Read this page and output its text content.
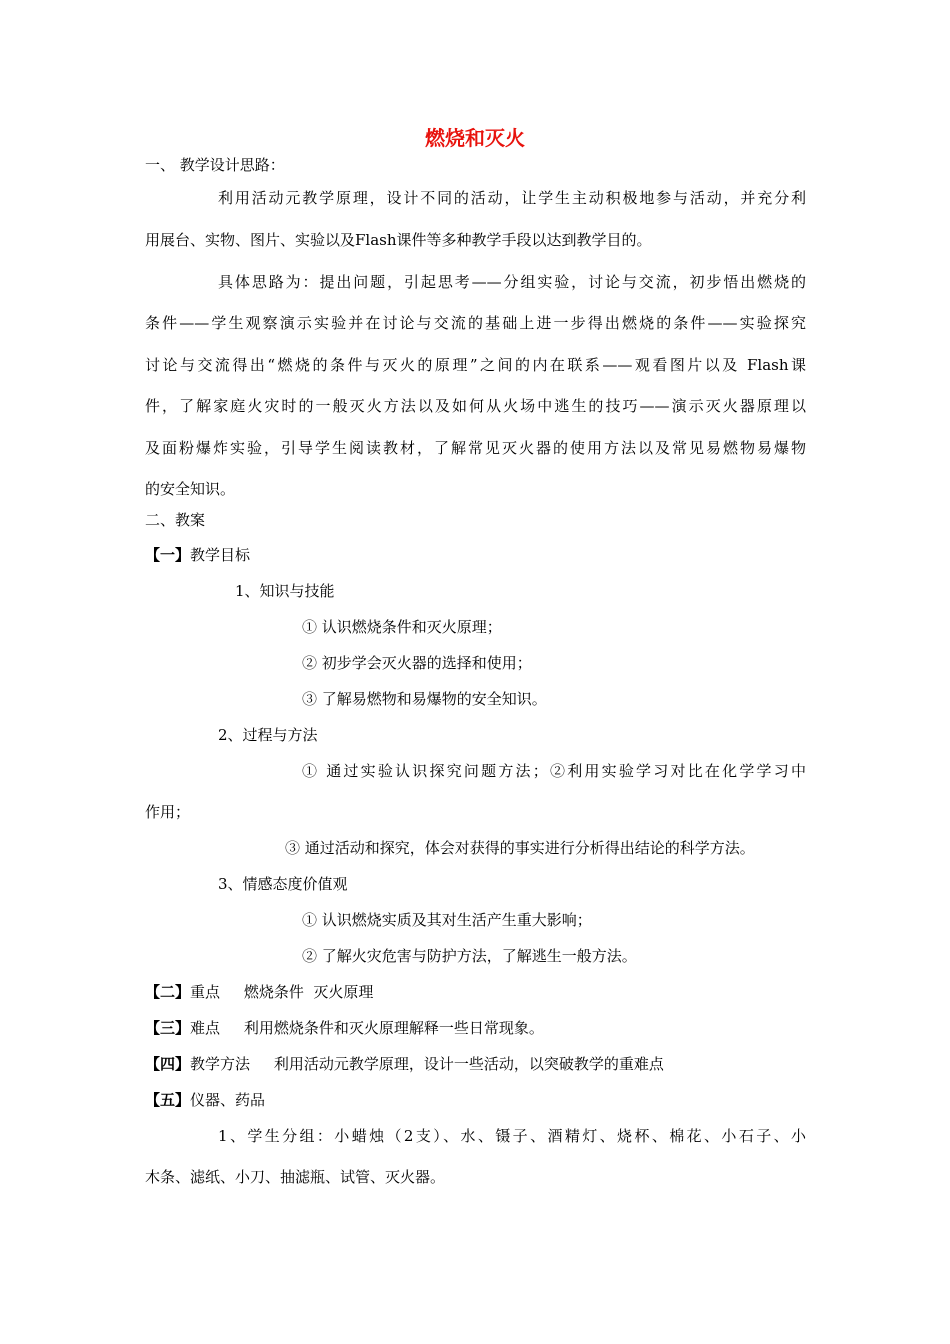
燃烧和灭火
一、 教学设计思路：
利用活动元教学原理，设计不同的活动，让学生主动积极地参与活动，并充分利
用展台、实物、图片、实验以及Flash课件等多种教学手段以达到教学目的。
具体思路为：提出问题，引起思考——分组实验，讨论与交流，初步悟出燃烧的
条件——学生观察演示实验并在讨论与交流的基础上进一步得出燃烧的条件——实验探究
讨论与交流得出“燃烧的条件与灭火的原理”之间的内在联系——观看图片以及 Flash课
件，了解家庭火灾时的一般灭火方法以及如何从火场中逃生的技巧——演示灭火器原理以
及面粉爆炸实验，引导学生阅读教材，了解常见灭火器的使用方法以及常见易燃物易爆物
的安全知识。
二、教案
【一】教学目标
1、知识与技能
① 认识燃烧条件和灭火原理；
② 初步学会灭火器的选择和使用；
③ 了解易燃物和易爆物的安全知识。
2、过程与方法
① 通过实验认识探究问题方法；②利用实验学习对比在化学学习中
作用；
③ 通过活动和探究，体会对获得的事实进行分析得出结论的科学方法。
3、情感态度价值观
① 认识燃烧实质及其对生活产生重大影响；
② 了解火灾危害与防护方法，了解逃生一般方法。
【二】重点     燃烧条件  灭火原理
【三】难点     利用燃烧条件和灭火原理解释一些日常现象。
【四】教学方法     利用活动元教学原理，设计一些活动，以突破教学的重难点
【五】仪器、药品
1、学生分组：小蜡烛（2支）、水、镊子、酒精灯、烧杯、棉花、小石子、小
木条、滤纸、小刀、抽滤瓶、试管、灭火器。
